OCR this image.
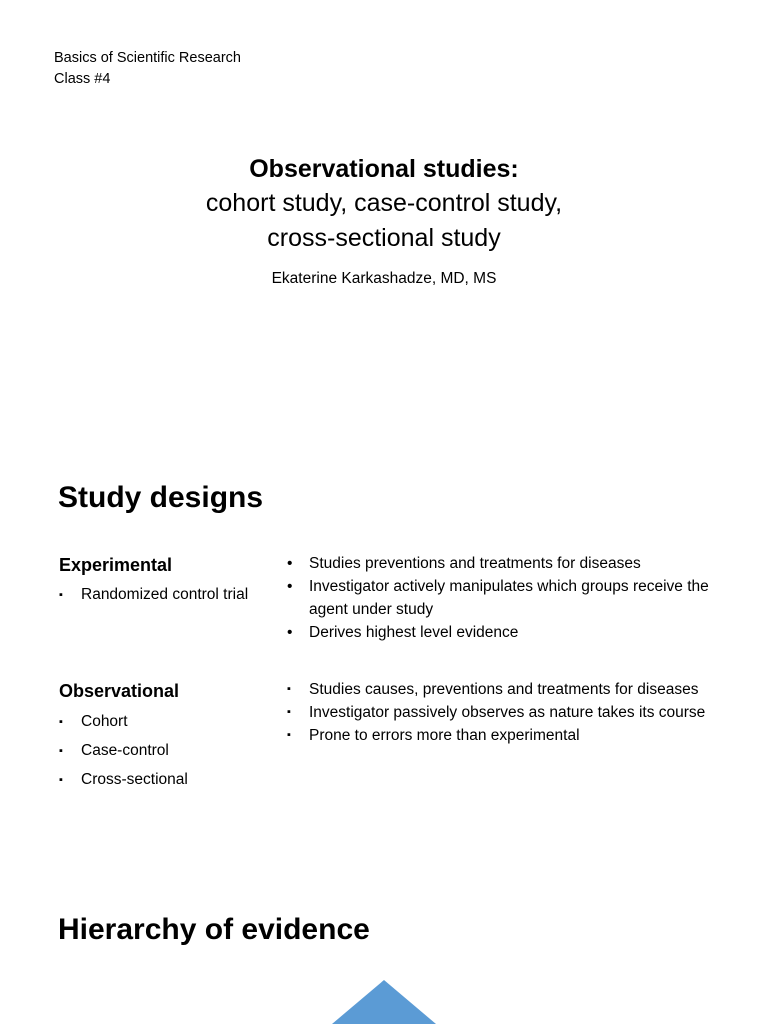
Basics of Scientific Research
Class #4
Observational studies:
cohort study, case-control study,
cross-sectional study
Ekaterine Karkashadze, MD, MS
Study designs
Experimental
▪ Randomized control trial
• Studies preventions and treatments for diseases
• Investigator actively manipulates which groups receive the agent under study
• Derives highest level evidence
Observational
▪ Cohort
▪ Case-control
▪ Cross-sectional
▪ Studies causes, preventions and treatments for diseases
▪ Investigator passively observes as nature takes its course
▪ Prone to errors more than experimental
Hierarchy of evidence
